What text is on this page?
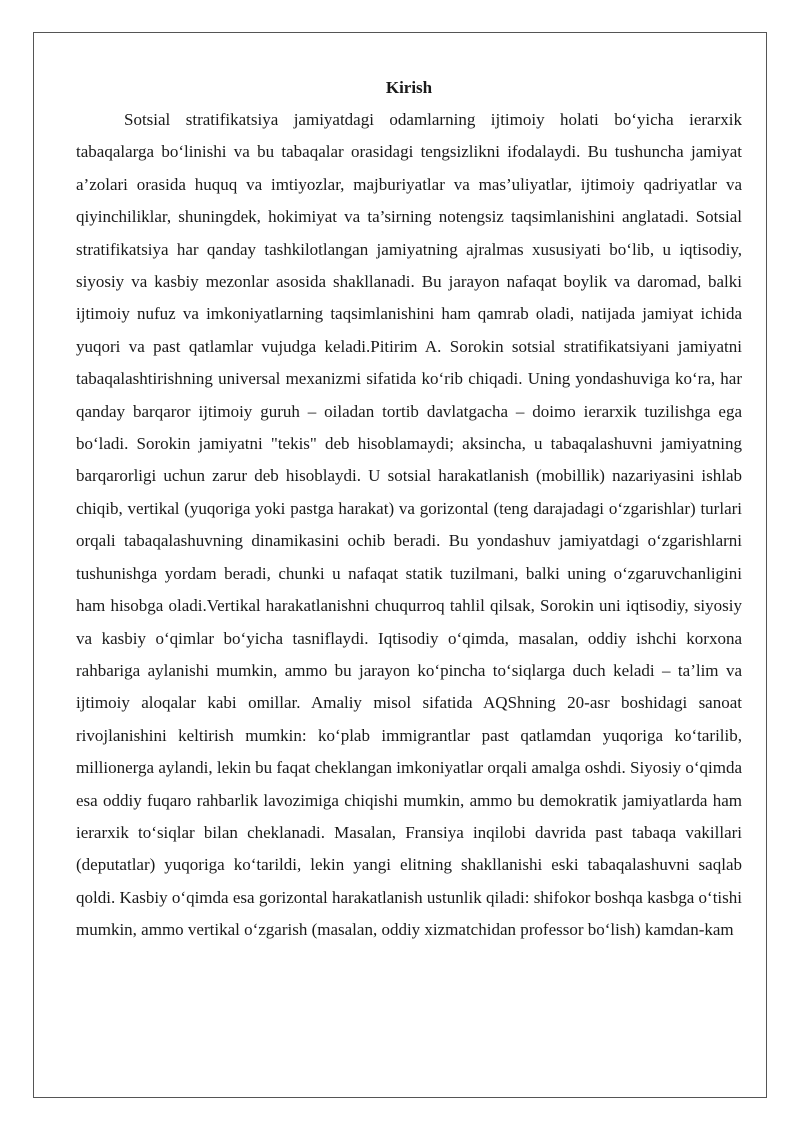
Kirish

Sotsial stratifikatsiya jamiyatdagi odamlarning ijtimoiy holati bo‘yicha ierarxik tabaqalarga bo‘linishi va bu tabaqalar orasidagi tengsizlikni ifodalaydi. Bu tushuncha jamiyat a’zolari orasida huquq va imtiyozlar, majburiyatlar va mas’uliyatlar, ijtimoiy qadriyatlar va qiyinchiliklar, shuningdek, hokimiyat va ta’sirning notengsiz taqsimlanishini anglatadi. Sotsial stratifikatsiya har qanday tashkilotlangan jamiyatning ajralmas xususiyati bo‘lib, u iqtisodiy, siyosiy va kasbiy mezonlar asosida shakllanadi. Bu jarayon nafaqat boylik va daromad, balki ijtimoiy nufuz va imkoniyatlarning taqsimlanishini ham qamrab oladi, natijada jamiyat ichida yuqori va past qatlamlar vujudga keladi.Pitirim A. Sorokin sotsial stratifikatsiyani jamiyatni tabaqalashtirishning universal mexanizmi sifatida ko‘rib chiqadi. Uning yondashuviga ko‘ra, har qanday barqaror ijtimoiy guruh – oiladan tortib davlatgacha – doimo ierarxik tuzilishga ega bo‘ladi. Sorokin jamiyatni "tekis" deb hisoblamaydi; aksincha, u tabaqalashuvni jamiyatning barqarorligi uchun zarur deb hisoblaydi. U sotsial harakatlanish (mobillik) nazariyasini ishlab chiqib, vertikal (yuqoriga yoki pastga harakat) va gorizontal (teng darajadagi o‘zgarishlar) turlari orqali tabaqalashuvning dinamikasini ochib beradi. Bu yondashuv jamiyatdagi o‘zgarishlarni tushunishga yordam beradi, chunki u nafaqat statik tuzilmani, balki uning o‘zgaruvchanligini ham hisobga oladi.Vertikal harakatlanishni chuqurroq tahlil qilsak, Sorokin uni iqtisodiy, siyosiy va kasbiy o‘qimlar bo‘yicha tasniflaydi. Iqtisodiy o‘qimda, masalan, oddiy ishchi korxona rahbariga aylanishi mumkin, ammo bu jarayon ko‘pincha to‘siqlarga duch keladi – ta’lim va ijtimoiy aloqalar kabi omillar. Amaliy misol sifatida AQShning 20-asr boshidagi sanoat rivojlanishini keltirish mumkin: ko‘plab immigrantlar past qatlamdan yuqoriga ko‘tarilib, millionerga aylandi, lekin bu faqat cheklangan imkoniyatlar orqali amalga oshdi. Siyosiy o‘qimda esa oddiy fuqaro rahbarlik lavozimiga chiqishi mumkin, ammo bu demokratik jamiyatlarda ham ierarxik to‘siqlar bilan cheklanadi. Masalan, Fransiya inqilobi davrida past tabaqa vakillari (deputatlar) yuqoriga ko‘tarildi, lekin yangi elitning shakllanishi eski tabaqalashuvni saqlab qoldi. Kasbiy o‘qimda esa gorizontal harakatlanish ustunlik qiladi: shifokor boshqa kasbga o‘tishi mumkin, ammo vertikal o‘zgarish (masalan, oddiy xizmatchidan professor bo‘lish) kamdan-kam
